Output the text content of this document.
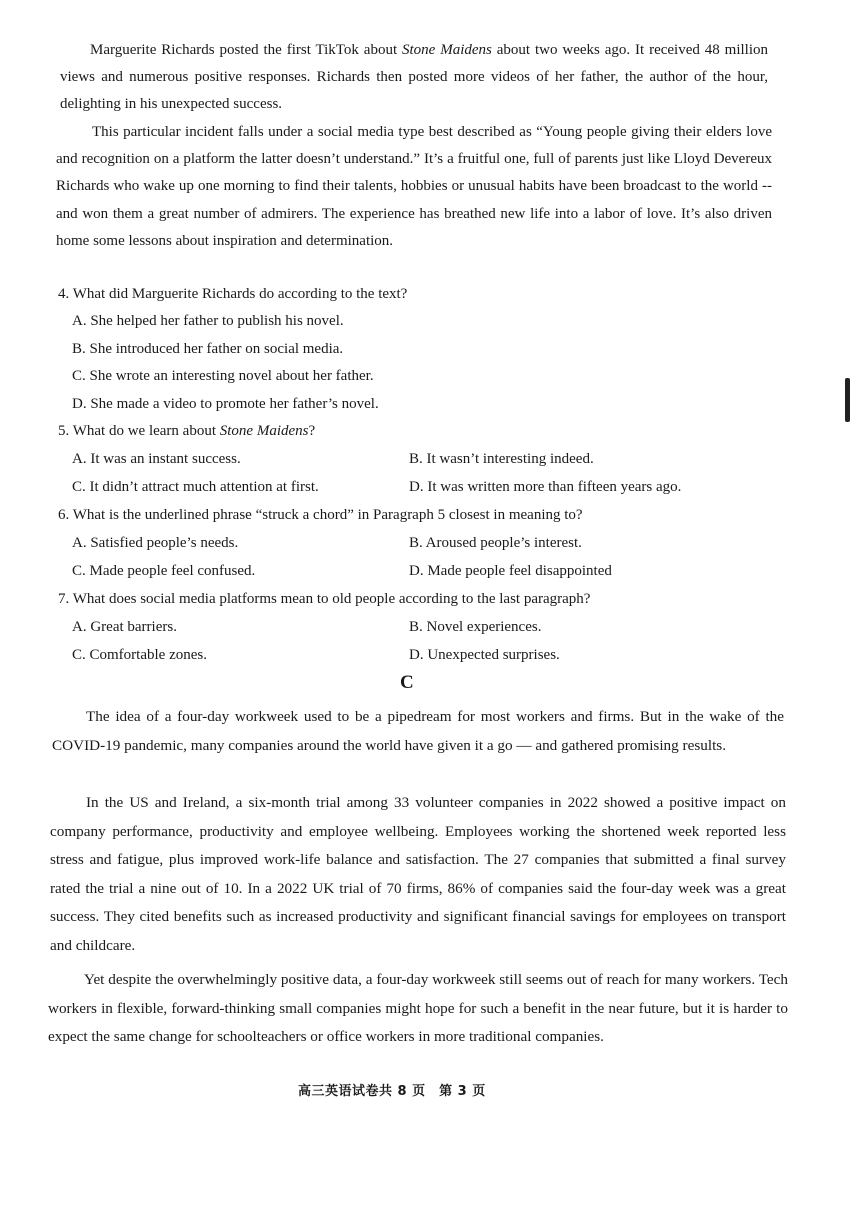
Marguerite Richards posted the first TikTok about Stone Maidens about two weeks ago. It received 48 million views and numerous positive responses. Richards then posted more videos of her father, the author of the hour, delighting in his unexpected success.
This particular incident falls under a social media type best described as “Young people giving their elders love and recognition on a platform the latter doesn’t understand.” It’s a fruitful one, full of parents just like Lloyd Devereux Richards who wake up one morning to find their talents, hobbies or unusual habits have been broadcast to the world -- and won them a great number of admirers. The experience has breathed new life into a labor of love. It’s also driven home some lessons about inspiration and determination.
4. What did Marguerite Richards do according to the text?
A. She helped her father to publish his novel.
B. She introduced her father on social media.
C. She wrote an interesting novel about her father.
D. She made a video to promote her father’s novel.
5. What do we learn about Stone Maidens?
A. It was an instant success.	B. It wasn’t interesting indeed.
C. It didn’t attract much attention at first.	D. It was written more than fifteen years ago.
6. What is the underlined phrase “struck a chord” in Paragraph 5 closest in meaning to?
A. Satisfied people’s needs.	B. Aroused people’s interest.
C. Made people feel confused.	D. Made people feel disappointed
7. What does social media platforms mean to old people according to the last paragraph?
A. Great barriers.	B. Novel experiences.
C. Comfortable zones.	D. Unexpected surprises.
C
The idea of a four-day workweek used to be a pipedream for most workers and firms. But in the wake of the COVID-19 pandemic, many companies around the world have given it a go — and gathered promising results.
In the US and Ireland, a six-month trial among 33 volunteer companies in 2022 showed a positive impact on company performance, productivity and employee wellbeing. Employees working the shortened week reported less stress and fatigue, plus improved work-life balance and satisfaction. The 27 companies that submitted a final survey rated the trial a nine out of 10. In a 2022 UK trial of 70 firms, 86% of companies said the four-day week was a great success. They cited benefits such as increased productivity and significant financial savings for employees on transport and childcare.
Yet despite the overwhelmingly positive data, a four-day workweek still seems out of reach for many workers. Tech workers in flexible, forward-thinking small companies might hope for such a benefit in the near future, but it is harder to expect the same change for schoolteachers or office workers in more traditional companies.
高三英语试卷共 8 页　第 3 页
